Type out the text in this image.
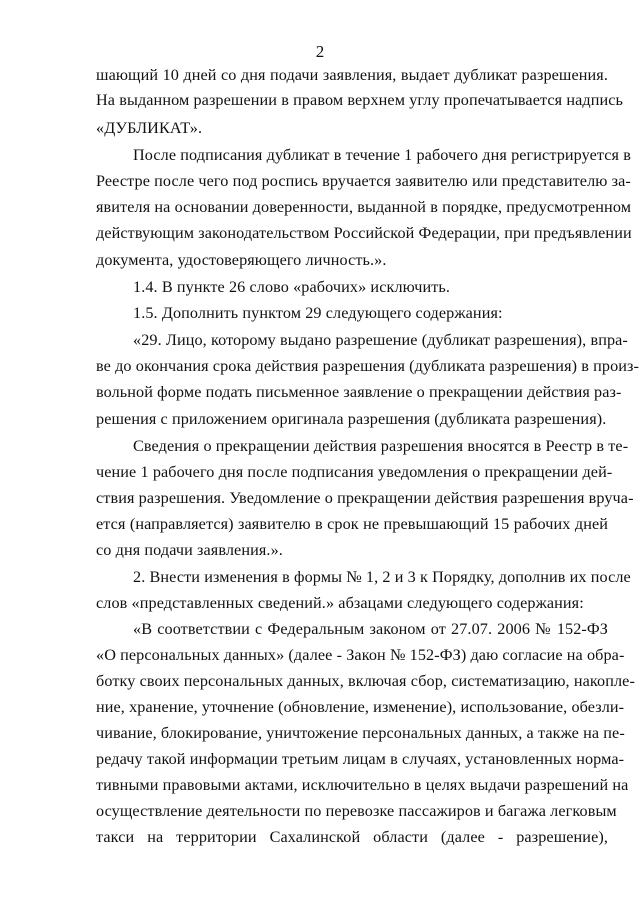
2
шающий 10 дней со дня подачи заявления, выдает дубликат разрешения.
На выданном разрешении в правом верхнем углу пропечатывается надпись
«ДУБЛИКАТ».
После подписания дубликат в течение 1 рабочего дня регистрируется в
Реестре после чего под роспись вручается заявителю или представителю за-
явителя на основании доверенности, выданной в порядке, предусмотренном
действующим законодательством Российской Федерации, при предъявлении
документа, удостоверяющего личность.».
1.4. В пункте 26 слово «рабочих» исключить.
1.5. Дополнить пунктом 29 следующего содержания:
«29. Лицо, которому выдано разрешение (дубликат разрешения), впра-
ве до окончания срока действия разрешения (дубликата разрешения) в произ-
вольной форме подать письменное заявление о прекращении действия раз-
решения с приложением оригинала разрешения (дубликата разрешения).
Сведения о прекращении действия разрешения вносятся в Реестр в те-
чение 1 рабочего дня после подписания уведомления о прекращении дей-
ствия разрешения. Уведомление о прекращении действия разрешения вруча-
ется (направляется) заявителю в срок не превышающий 15 рабочих дней
со дня подачи заявления.».
2. Внести изменения в формы № 1, 2 и 3 к Порядку, дополнив их после
слов «представленных сведений.» абзацами следующего содержания:
«В соответствии с Федеральным законом от 27.07. 2006 № 152-ФЗ
«О персональных данных» (далее - Закон № 152-ФЗ) даю согласие на обра-
ботку своих персональных данных, включая сбор, систематизацию, накопле-
ние, хранение, уточнение (обновление, изменение), использование, обезли-
чивание, блокирование, уничтожение персональных данных, а также на пе-
редачу такой информации третьим лицам в случаях, установленных норма-
тивными правовыми актами, исключительно в целях выдачи разрешений на
осуществление деятельности по перевозке пассажиров и багажа легковым
такси на территории Сахалинской области (далее - разрешение),
